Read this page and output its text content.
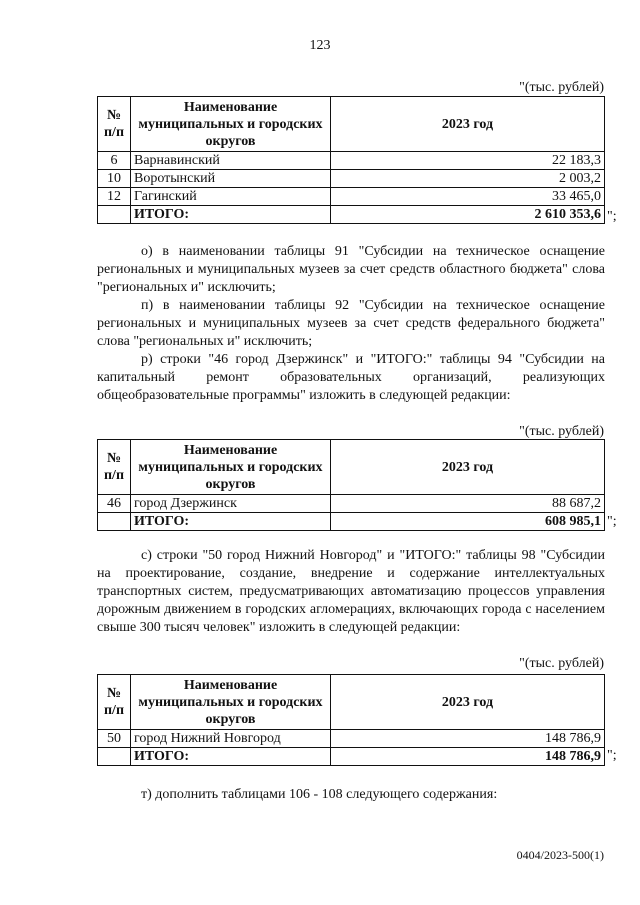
123
"(тыс. рублей)
№ п/п	Наименование муниципальных и городских округов	2023 год
6	Варнавинский	22 183,3
10	Воротынский	2 003,2
12	Гагинский	33 465,0
	ИТОГО:	2 610 353,6 ";

о) в наименовании таблицы 91 "Субсидии на техническое оснащение региональных и муниципальных музеев за счет средств областного бюджета" слова "региональных и" исключить;

п) в наименовании таблицы 92 "Субсидии на техническое оснащение региональных и муниципальных музеев за счет средств федерального бюджета" слова "региональных и" исключить;

р) строки "46 город Дзержинск" и "ИТОГО:" таблицы 94 "Субсидии на капитальный ремонт образовательных организаций, реализующих общеобразовательные программы" изложить в следующей редакции:

"(тыс. рублей)
№ п/п	Наименование муниципальных и городских округов	2023 год
46	город Дзержинск	88 687,2
	ИТОГО:	608 985,1 ";

с) строки "50 город Нижний Новгород" и "ИТОГО:" таблицы 98 "Субсидии на проектирование, создание, внедрение и содержание интеллектуальных транспортных систем, предусматривающих автоматизацию процессов управления дорожным движением в городских агломерациях, включающих города с населением свыше 300 тысяч человек" изложить в следующей редакции:

"(тыс. рублей)
№ п/п	Наименование муниципальных и городских округов	2023 год
50	город Нижний Новгород	148 786,9
	ИТОГО:	148 786,9 ";

т) дополнить таблицами 106 - 108 следующего содержания:

0404/2023-500(1)
